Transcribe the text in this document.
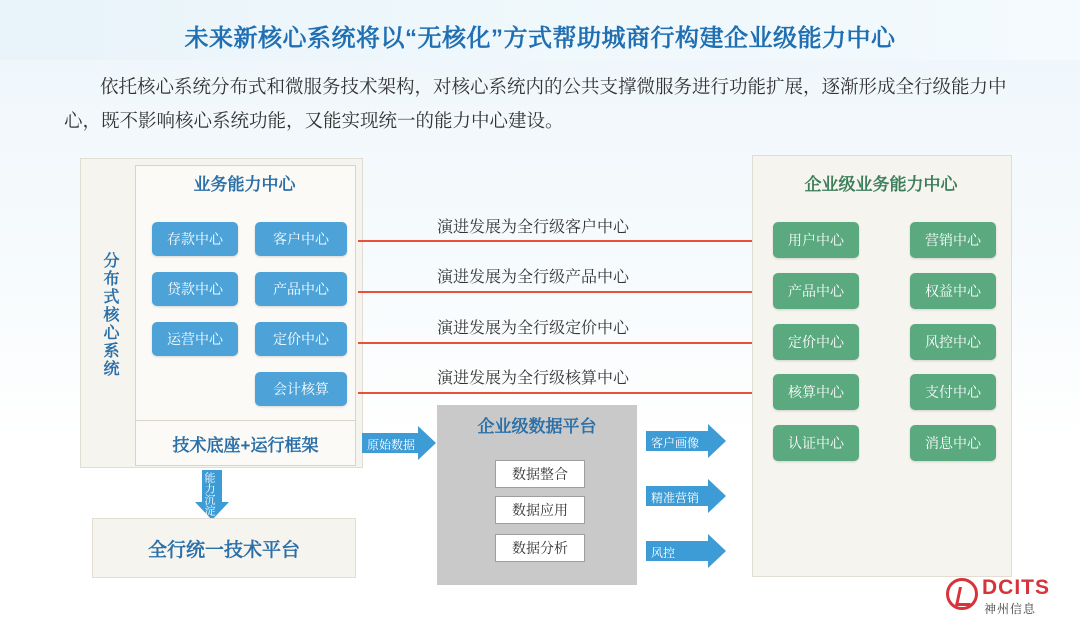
未来新核心系统将以“无核化”方式帮助城商行构建企业级能力中心
依托核心系统分布式和微服务技术架构，对核心系统内的公共支撑微服务进行功能扩展，逐渐形成全行级能力中心，既不影响核心系统功能，又能实现统一的能力中心建设。
分布式核心系统
业务能力中心
存款中心	客户中心
贷款中心	产品中心
运营中心	定价中心
会计核算
技术底座+运行框架
演进发展为全行级客户中心
演进发展为全行级产品中心
演进发展为全行级定价中心
演进发展为全行级核算中心
企业级业务能力中心
用户中心	营销中心
产品中心	权益中心
定价中心	风控中心
核算中心	支付中心
认证中心	消息中心
企业级数据平台
数据整合
数据应用
数据分析
原始数据	客户画像
精准营销
风控
能力沉淀
全行统一技术平台
DCITS
神州信息
